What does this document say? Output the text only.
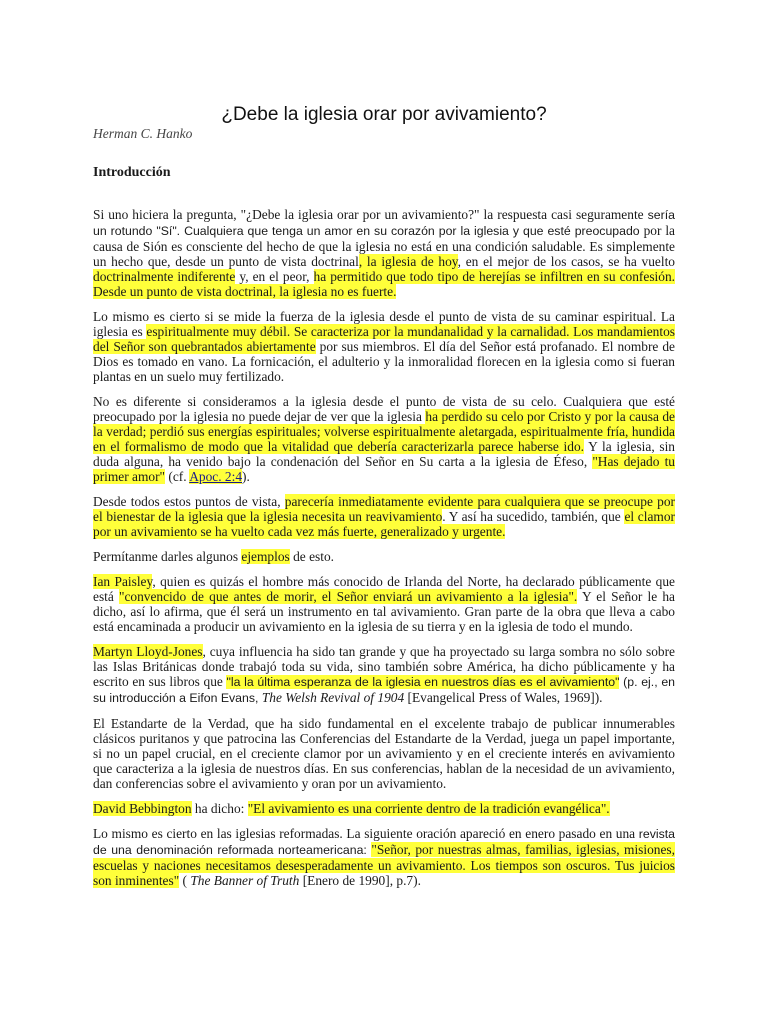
¿Debe la iglesia orar por avivamiento?

Herman C. Hanko

Introducción

Si uno hiciera la pregunta, "¿Debe la iglesia orar por un avivamiento?" la respuesta casi seguramente sería un rotundo "Sí". Cualquiera que tenga un amor en su corazón por la iglesia y que esté preocupado por la causa de Sión es consciente del hecho de que la iglesia no está en una condición saludable. Es simplemente un hecho que, desde un punto de vista doctrinal, la iglesia de hoy, en el mejor de los casos, se ha vuelto doctrinalmente indiferente y, en el peor, ha permitido que todo tipo de herejías se infiltren en su confesión. Desde un punto de vista doctrinal, la iglesia no es fuerte.

Lo mismo es cierto si se mide la fuerza de la iglesia desde el punto de vista de su caminar espiritual. La iglesia es espiritualmente muy débil. Se caracteriza por la mundanalidad y la carnalidad. Los mandamientos del Señor son quebrantados abiertamente por sus miembros. El día del Señor está profanado. El nombre de Dios es tomado en vano. La fornicación, el adulterio y la inmoralidad florecen en la iglesia como si fueran plantas en un suelo muy fertilizado.

No es diferente si consideramos a la iglesia desde el punto de vista de su celo. Cualquiera que esté preocupado por la iglesia no puede dejar de ver que la iglesia ha perdido su celo por Cristo y por la causa de la verdad; perdió sus energías espirituales; volverse espiritualmente aletargada, espiritualmente fría, hundida en el formalismo de modo que la vitalidad que debería caracterizarla parece haberse ido. Y la iglesia, sin duda alguna, ha venido bajo la condenación del Señor en Su carta a la iglesia de Éfeso, "Has dejado tu primer amor" (cf. Apoc. 2:4).

Desde todos estos puntos de vista, parecería inmediatamente evidente para cualquiera que se preocupe por el bienestar de la iglesia que la iglesia necesita un reavivamiento. Y así ha sucedido, también, que el clamor por un avivamiento se ha vuelto cada vez más fuerte, generalizado y urgente.

Permítanme darles algunos ejemplos de esto.

Ian Paisley, quien es quizás el hombre más conocido de Irlanda del Norte, ha declarado públicamente que está "convencido de que antes de morir, el Señor enviará un avivamiento a la iglesia". Y el Señor le ha dicho, así lo afirma, que él será un instrumento en tal avivamiento. Gran parte de la obra que lleva a cabo está encaminada a producir un avivamiento en la iglesia de su tierra y en la iglesia de todo el mundo.

Martyn Lloyd-Jones, cuya influencia ha sido tan grande y que ha proyectado su larga sombra no sólo sobre las Islas Británicas donde trabajó toda su vida, sino también sobre América, ha dicho públicamente y ha escrito en sus libros que "la la última esperanza de la iglesia en nuestros días es el avivamiento" (p. ej., en su introducción a Eifon Evans, The Welsh Revival of 1904 [Evangelical Press of Wales, 1969]).

El Estandarte de la Verdad, que ha sido fundamental en el excelente trabajo de publicar innumerables clásicos puritanos y que patrocina las Conferencias del Estandarte de la Verdad, juega un papel importante, si no un papel crucial, en el creciente clamor por un avivamiento y en el creciente interés en avivamiento que caracteriza a la iglesia de nuestros días. En sus conferencias, hablan de la necesidad de un avivamiento, dan conferencias sobre el avivamiento y oran por un avivamiento.

David Bebbington ha dicho: "El avivamiento es una corriente dentro de la tradición evangélica".

Lo mismo es cierto en las iglesias reformadas. La siguiente oración apareció en enero pasado en una revista de una denominación reformada norteamericana: "Señor, por nuestras almas, familias, iglesias, misiones, escuelas y naciones necesitamos desesperadamente un avivamiento. Los tiempos son oscuros. Tus juicios son inminentes" ( The Banner of Truth [Enero de 1990], p.7).
